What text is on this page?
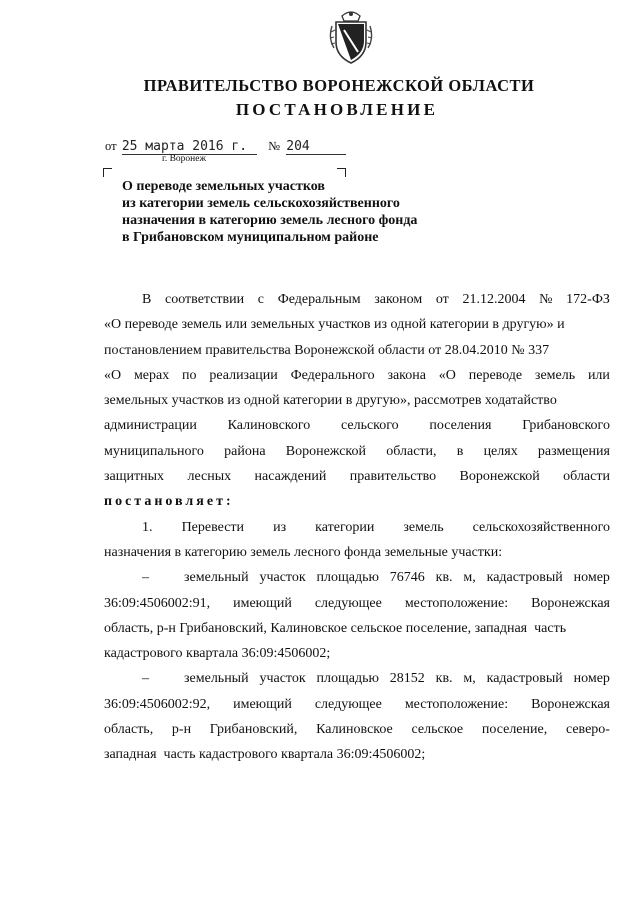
ПРАВИТЕЛЬСТВО ВОРОНЕЖСКОЙ ОБЛАСТИ
ПОСТАНОВЛЕНИЕ
от 25 марта 2016 г. № 204
г. Воронеж
О переводе земельных участков
из категории земель сельскохозяйственного
назначения в категорию земель лесного фонда
в Грибановском муниципальном районе
В соответствии с Федеральным законом от 21.12.2004 № 172-ФЗ
«О переводе земель или земельных участков из одной категории в другую» и
постановлением правительства Воронежской области от 28.04.2010 № 337
«О мерах по реализации Федерального закона «О переводе земель или
земельных участков из одной категории в другую», рассмотрев ходатайство
администрации Калиновского сельского поселения Грибановского
муниципального района Воронежской области, в целях размещения
защитных лесных насаждений правительство Воронежской области
постановляет:
1. Перевести из категории земель сельскохозяйственного
назначения в категорию земель лесного фонда земельные участки:
–	земельный участок площадью 76746 кв. м, кадастровый номер
36:09:4506002:91, имеющий следующее местоположение: Воронежская
область, р-н Грибановский, Калиновское сельское поселение, западная  часть
кадастрового квартала 36:09:4506002;
–	земельный участок площадью 28152 кв. м, кадастровый номер
36:09:4506002:92, имеющий следующее местоположение: Воронежская
область, р-н Грибановский, Калиновское сельское поселение, северо-
западная  часть кадастрового квартала 36:09:4506002;
